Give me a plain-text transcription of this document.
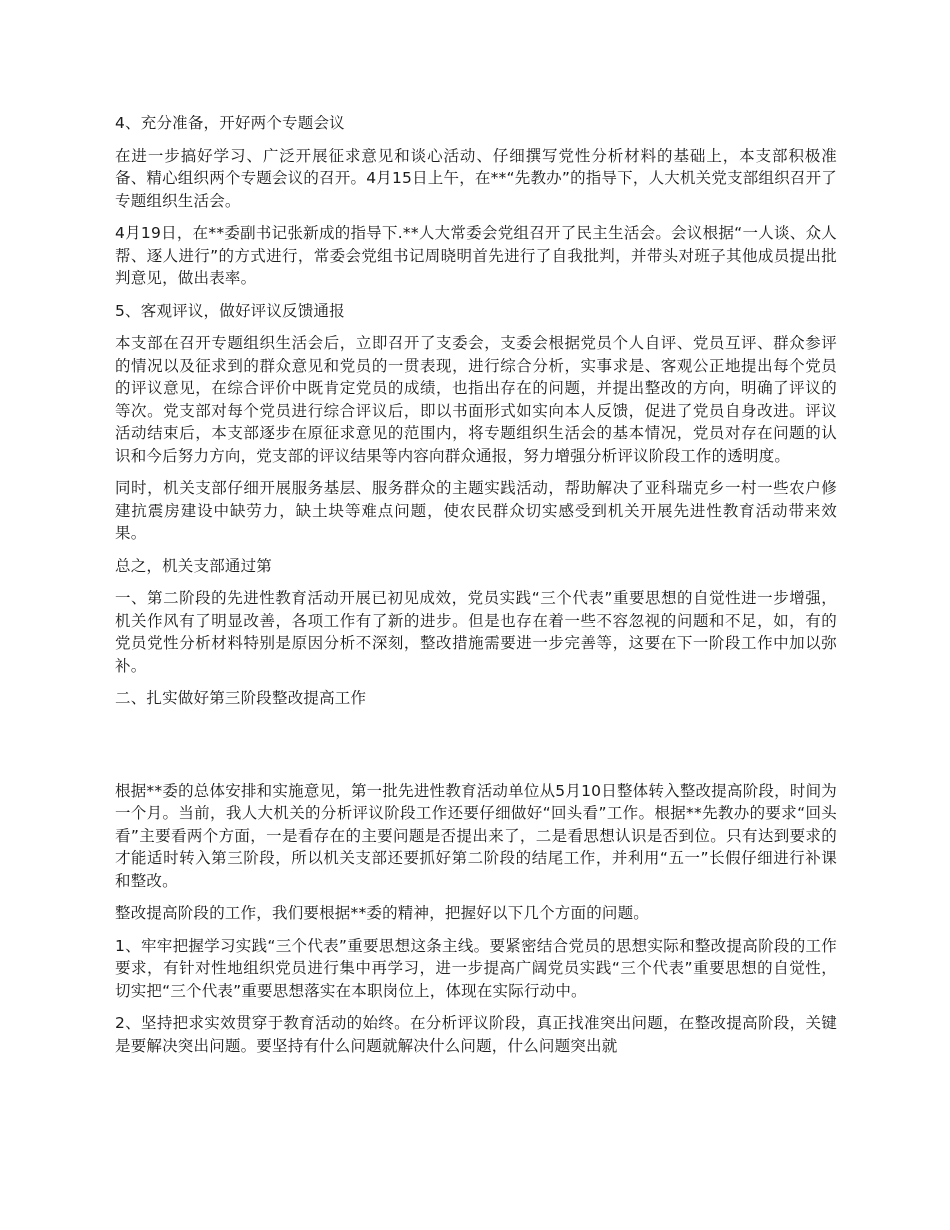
4、充分准备，开好两个专题会议
在进一步搞好学习、广泛开展征求意见和谈心活动、仔细撰写党性分析材料的基础上，本支部积极准备、精心组织两个专题会议的召开。4月15日上午，在**“先教办”的指导下，人大机关党支部组织召开了专题组织生活会。
4月19日，在**委副书记张新成的指导下.**人大常委会党组召开了民主生活会。会议根据“一人谈、众人帮、逐人进行”的方式进行，常委会党组书记周晓明首先进行了自我批判，并带头对班子其他成员提出批判意见，做出表率。
5、客观评议，做好评议反馈通报
本支部在召开专题组织生活会后，立即召开了支委会，支委会根据党员个人自评、党员互评、群众参评的情况以及征求到的群众意见和党员的一贯表现，进行综合分析，实事求是、客观公正地提出每个党员的评议意见，在综合评价中既肯定党员的成绩，也指出存在的问题，并提出整改的方向，明确了评议的等次。党支部对每个党员进行综合评议后，即以书面形式如实向本人反馈，促进了党员自身改进。评议活动结束后，本支部逐步在原征求意见的范围内，将专题组织生活会的基本情况，党员对存在问题的认识和今后努力方向，党支部的评议结果等内容向群众通报，努力增强分析评议阶段工作的透明度。
同时，机关支部仔细开展服务基层、服务群众的主题实践活动，帮助解决了亚科瑞克乡一村一些农户修建抗震房建设中缺劳力，缺土块等难点问题，使农民群众切实感受到机关开展先进性教育活动带来效果。
总之，机关支部通过第
一、第二阶段的先进性教育活动开展已初见成效，党员实践“三个代表”重要思想的自觉性进一步增强，机关作风有了明显改善，各项工作有了新的进步。但是也存在着一些不容忽视的问题和不足，如，有的党员党性分析材料特别是原因分析不深刻，整改措施需要进一步完善等，这要在下一阶段工作中加以弥补。
二、扎实做好第三阶段整改提高工作
根据**委的总体安排和实施意见，第一批先进性教育活动单位从5月10日整体转入整改提高阶段，时间为一个月。当前，我人大机关的分析评议阶段工作还要仔细做好“回头看”工作。根据**先教办的要求“回头看”主要看两个方面，一是看存在的主要问题是否提出来了，二是看思想认识是否到位。只有达到要求的才能适时转入第三阶段，所以机关支部还要抓好第二阶段的结尾工作，并利用“五一”长假仔细进行补课和整改。
整改提高阶段的工作，我们要根据**委的精神，把握好以下几个方面的问题。
1、牢牢把握学习实践“三个代表”重要思想这条主线。要紧密结合党员的思想实际和整改提高阶段的工作要求，有针对性地组织党员进行集中再学习，进一步提高广阔党员实践“三个代表”重要思想的自觉性，切实把“三个代表”重要思想落实在本职岗位上，体现在实际行动中。
2、坚持把求实效贯穿于教育活动的始终。在分析评议阶段，真正找准突出问题，在整改提高阶段，关键是要解决突出问题。要坚持有什么问题就解决什么问题，什么问题突出就
